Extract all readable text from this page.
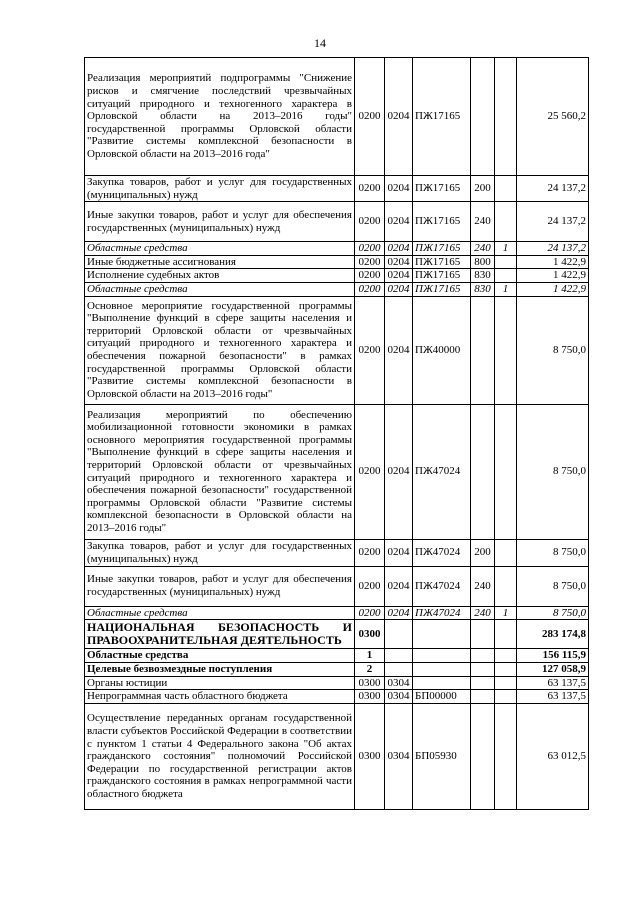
14
Реализация мероприятий подпрограммы "Снижение рисков и смягчение последствий чрезвычайных ситуаций природного и техногенного характера в Орловской области на 2013–2016 годы" государственной программы Орловской области "Развитие системы комплексной безопасности в Орловской области на 2013–2016 года"	0200	0204	ПЖ17165			25 560,2
Закупка товаров, работ и услуг для государственных (муниципальных) нужд	0200	0204	ПЖ17165	200		24 137,2
Иные закупки товаров, работ и услуг для обеспечения государственных (муниципальных) нужд	0200	0204	ПЖ17165	240		24 137,2
Областные средства	0200	0204	ПЖ17165	240	1	24 137,2
Иные бюджетные ассигнования	0200	0204	ПЖ17165	800		1 422,9
Исполнение судебных актов	0200	0204	ПЖ17165	830		1 422,9
Областные средства	0200	0204	ПЖ17165	830	1	1 422,9
Основное мероприятие государственной программы "Выполнение функций в сфере защиты населения и территорий Орловской области от чрезвычайных ситуаций природного и техногенного характера и обеспечения пожарной безопасности" в рамках государственной программы Орловской области "Развитие системы комплексной безопасности в Орловской области на 2013–2016 годы"	0200	0204	ПЖ40000			8 750,0
Реализация мероприятий по обеспечению мобилизационной готовности экономики в рамках основного мероприятия государственной программы "Выполнение функций в сфере защиты населения и территорий Орловской области от чрезвычайных ситуаций природного и техногенного характера и обеспечения пожарной безопасности" государственной программы Орловской области "Развитие системы комплексной безопасности в Орловской области на 2013–2016 годы"	0200	0204	ПЖ47024			8 750,0
Закупка товаров, работ и услуг для государственных (муниципальных) нужд	0200	0204	ПЖ47024	200		8 750,0
Иные закупки товаров, работ и услуг для обеспечения государственных (муниципальных) нужд	0200	0204	ПЖ47024	240		8 750,0
Областные средства	0200	0204	ПЖ47024	240	1	8 750,0
НАЦИОНАЛЬНАЯ БЕЗОПАСНОСТЬ И ПРАВООХРАНИТЕЛЬНАЯ ДЕЯТЕЛЬНОСТЬ	0300					283 174,8
Областные средства	1					156 115,9
Целевые безвозмездные поступления	2					127 058,9
Органы юстиции	0300	0304				63 137,5
Непрограммная часть областного бюджета	0300	0304	БП00000			63 137,5
Осуществление переданных органам государственной власти субъектов Российской Федерации в соответствии с пунктом 1 статьи 4 Федерального закона "Об актах гражданского состояния" полномочий Российской Федерации по государственной регистрации актов гражданского состояния в рамках непрограммной части областного бюджета	0300	0304	БП05930			63 012,5
